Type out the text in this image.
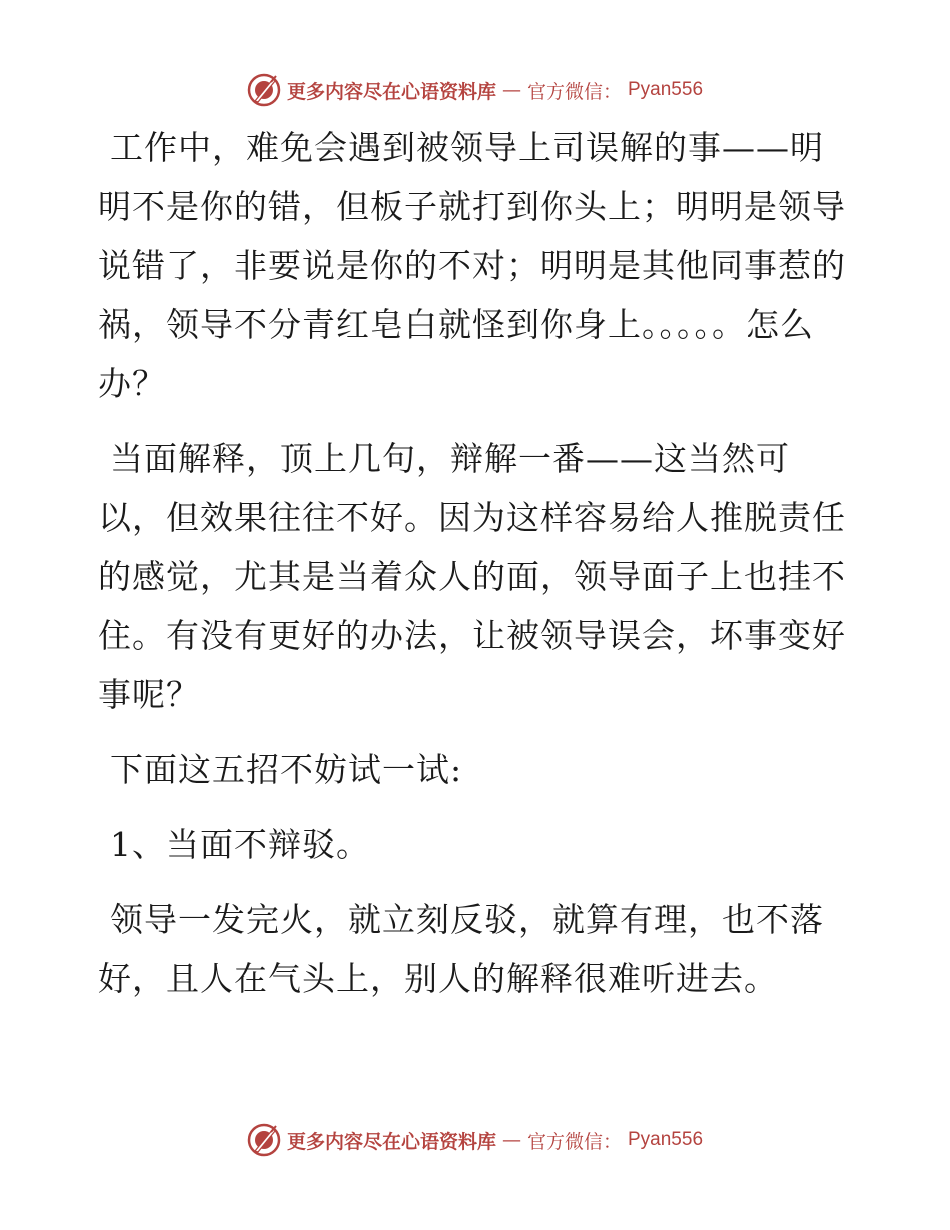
更多内容尽在心语资料库 — 官方微信： Pyan556

工作中，难免会遇到被领导上司误解的事——明明不是你的错，但板子就打到你头上；明明是领导说错了，非要说是你的不对；明明是其他同事惹的祸，领导不分青红皂白就怪到你身上。。。。。怎么办？

当面解释，顶上几句，辩解一番——这当然可以，但效果往往不好。因为这样容易给人推脱责任的感觉，尤其是当着众人的面，领导面子上也挂不住。有没有更好的办法，让被领导误会，坏事变好事呢？

下面这五招不妨试一试:

1、当面不辩驳。

领导一发完火，就立刻反驳，就算有理，也不落好，且人在气头上，别人的解释很难听进去。

更多内容尽在心语资料库 — 官方微信： Pyan556
